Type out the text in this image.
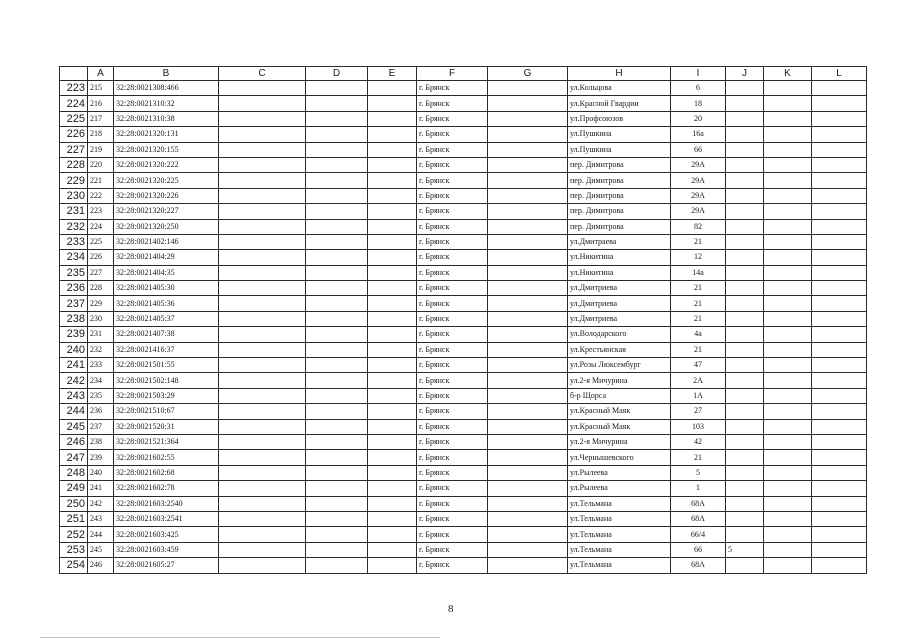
	A	B	C	D	E	F	G	H	I	J	K	L
223	215	32:28:0021308:466				г. Брянск		ул.Кольцова	6			
224	216	32:28:0021310:32				г. Брянск		ул.Красной Гвардии	18			
225	217	32:28:0021310:38				г. Брянск		ул.Профсоюзов	20			
226	218	32:28:0021320:131				г. Брянск		ул.Пушкина	16а			
227	219	32:28:0021320:155				г. Брянск		ул.Пушкина	66			
228	220	32:28:0021320:222				г. Брянск		пер. Димитрова	29А			
229	221	32:28:0021320:225				г. Брянск		пер. Димитрова	29А			
230	222	32:28:0021320:226				г. Брянск		пер. Димитрова	29А			
231	223	32:28:0021320:227				г. Брянск		пер. Димитрова	29А			
232	224	32:28:0021320:250				г. Брянск		пер. Димитрова	82			
233	225	32:28:0021402:146				г. Брянск		ул.Дмитраева	21			
234	226	32:28:0021404:29				г. Брянск		ул.Никитина	12			
235	227	32:28:0021404:35				г. Брянск		ул.Никитина	14а			
236	228	32:28:0021405:30				г. Брянск		ул.Дмитриева	21			
237	229	32:28:0021405:36				г. Брянск		ул.Дмитриева	21			
238	230	32:28:0021405:37				г. Брянск		ул.Дмитриева	21			
239	231	32:28:0021407:38				г. Брянск		ул.Володарского	4а			
240	232	32:28:0021416:37				г. Брянск		ул.Крестьянская	21			
241	233	32:28:0021501:55				г. Брянск		ул.Розы Люксембург	47			
242	234	32:28:0021502:148				г. Брянск		ул.2-я Мичурина	2А			
243	235	32:28:0021503:29				г. Брянск		б-р Щорса	1А			
244	236	32:28:0021510:67				г. Брянск		ул.Красный Маяк	27			
245	237	32:28:0021520:31				г. Брянск		ул.Красный Маяк	103			
246	238	32:28:0021521:364				г. Брянск		ул.2-я Мичурина	42			
247	239	32:28:0021602:55				г. Брянск		ул.Чернышевского	21			
248	240	32:28:0021602:68				г. Брянск		ул.Рылеева	5			
249	241	32:28:0021602:78				г. Брянск		ул.Рылеева	1			
250	242	32:28:0021603:2540				г. Брянск		ул.Тельмана	68А			
251	243	32:28:0021603:2541				г. Брянск		ул.Тельмана	68А			
252	244	32:28:0021603:425				г. Брянск		ул.Тельмана	66/4			
253	245	32:28:0021603:459				г. Брянск		ул.Тельмана	66	5		
254	246	32:28:0021605:27				г. Брянск		ул.Тельмана	68А			
8
